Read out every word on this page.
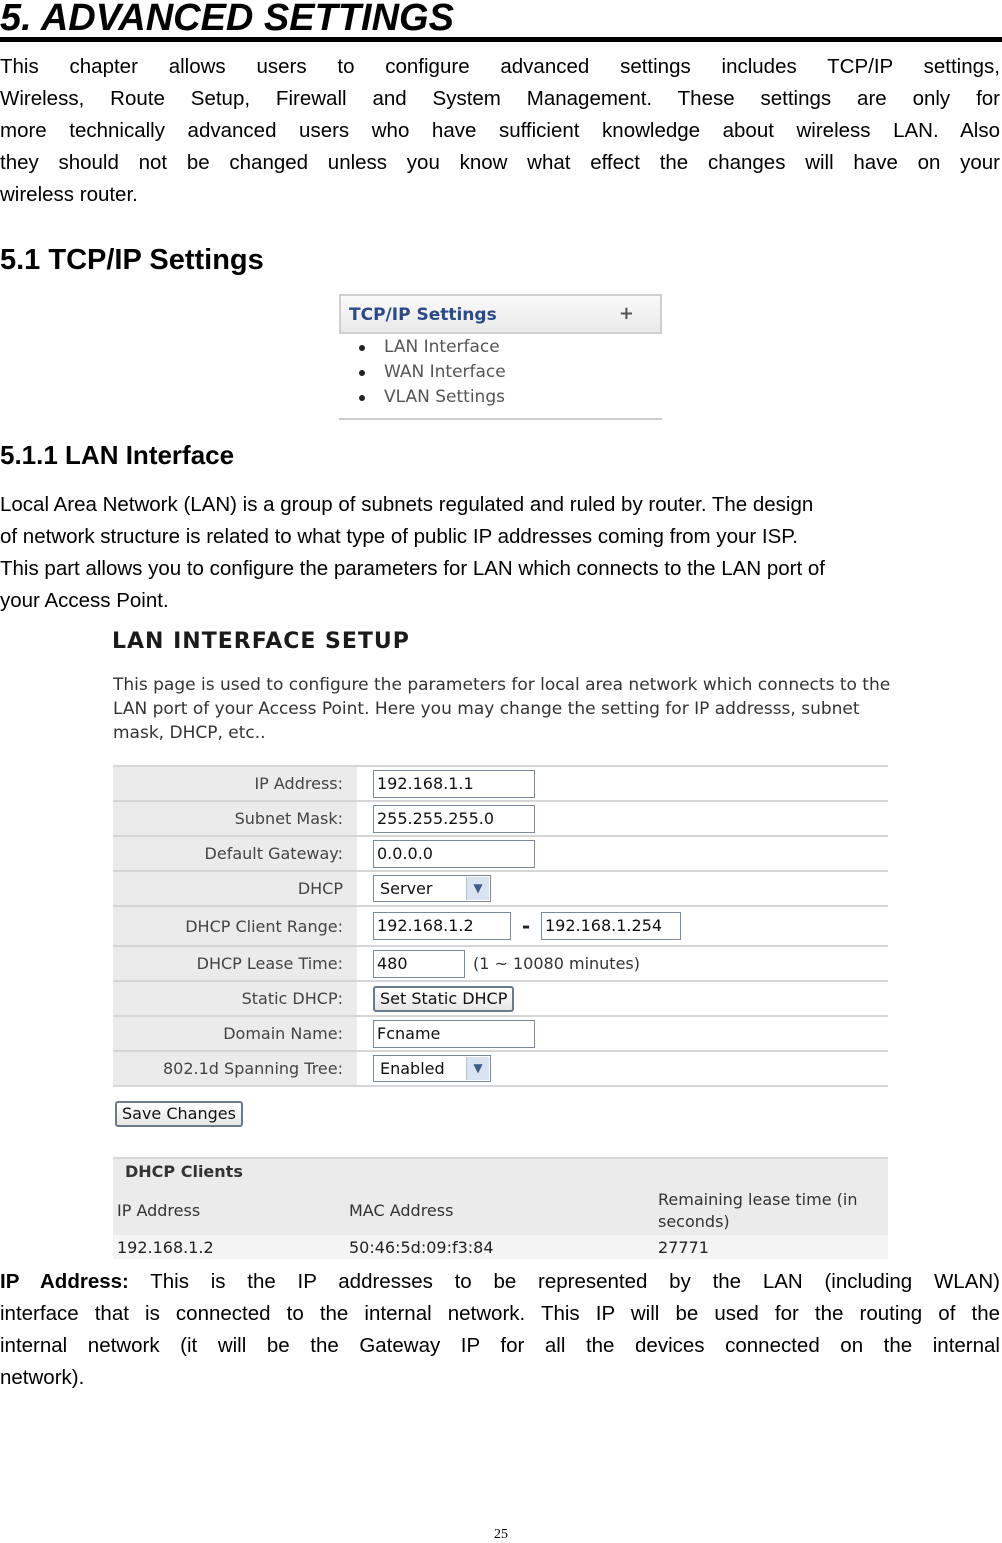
5. ADVANCED SETTINGS
This chapter allows users to configure advanced settings includes TCP/IP settings,
Wireless, Route Setup, Firewall and System Management. These settings are only for
more technically advanced users who have sufficient knowledge about wireless LAN. Also
they should not be changed unless you know what effect the changes will have on your
wireless router.
5.1 TCP/IP Settings
TCP/IP Settings	+
LAN Interface
WAN Interface
VLAN Settings
5.1.1 LAN Interface
Local Area Network (LAN) is a group of subnets regulated and ruled by router. The design
of network structure is related to what type of public IP addresses coming from your ISP.
This part allows you to configure the parameters for LAN which connects to the LAN port of
your Access Point.
LAN INTERFACE SETUP
This page is used to configure the parameters for local area network which connects to the LAN port of your Access Point. Here you may change the setting for IP addresss, subnet mask, DHCP, etc..
IP Address:	192.168.1.1
Subnet Mask:	255.255.255.0
Default Gateway:	0.0.0.0
DHCP	Server ▼

DHCP Client Range:	192.168.1.2 - 192.168.1.254
DHCP Lease Time:	480 (1 ~ 10080 minutes)
Static DHCP:	Set Static DHCP
Domain Name:	Fcname
802.1d Spanning Tree:	Enabled ▼
Save Changes
DHCP Clients
IP Address	MAC Address	Remaining lease time (in seconds)
192.168.1.2	50:46:5d:09:f3:84	27771
IP Address: This is the IP addresses to be represented by the LAN (including WLAN)
interface that is connected to the internal network. This IP will be used for the routing of the
internal network (it will be the Gateway IP for all the devices connected on the internal
network).
25
